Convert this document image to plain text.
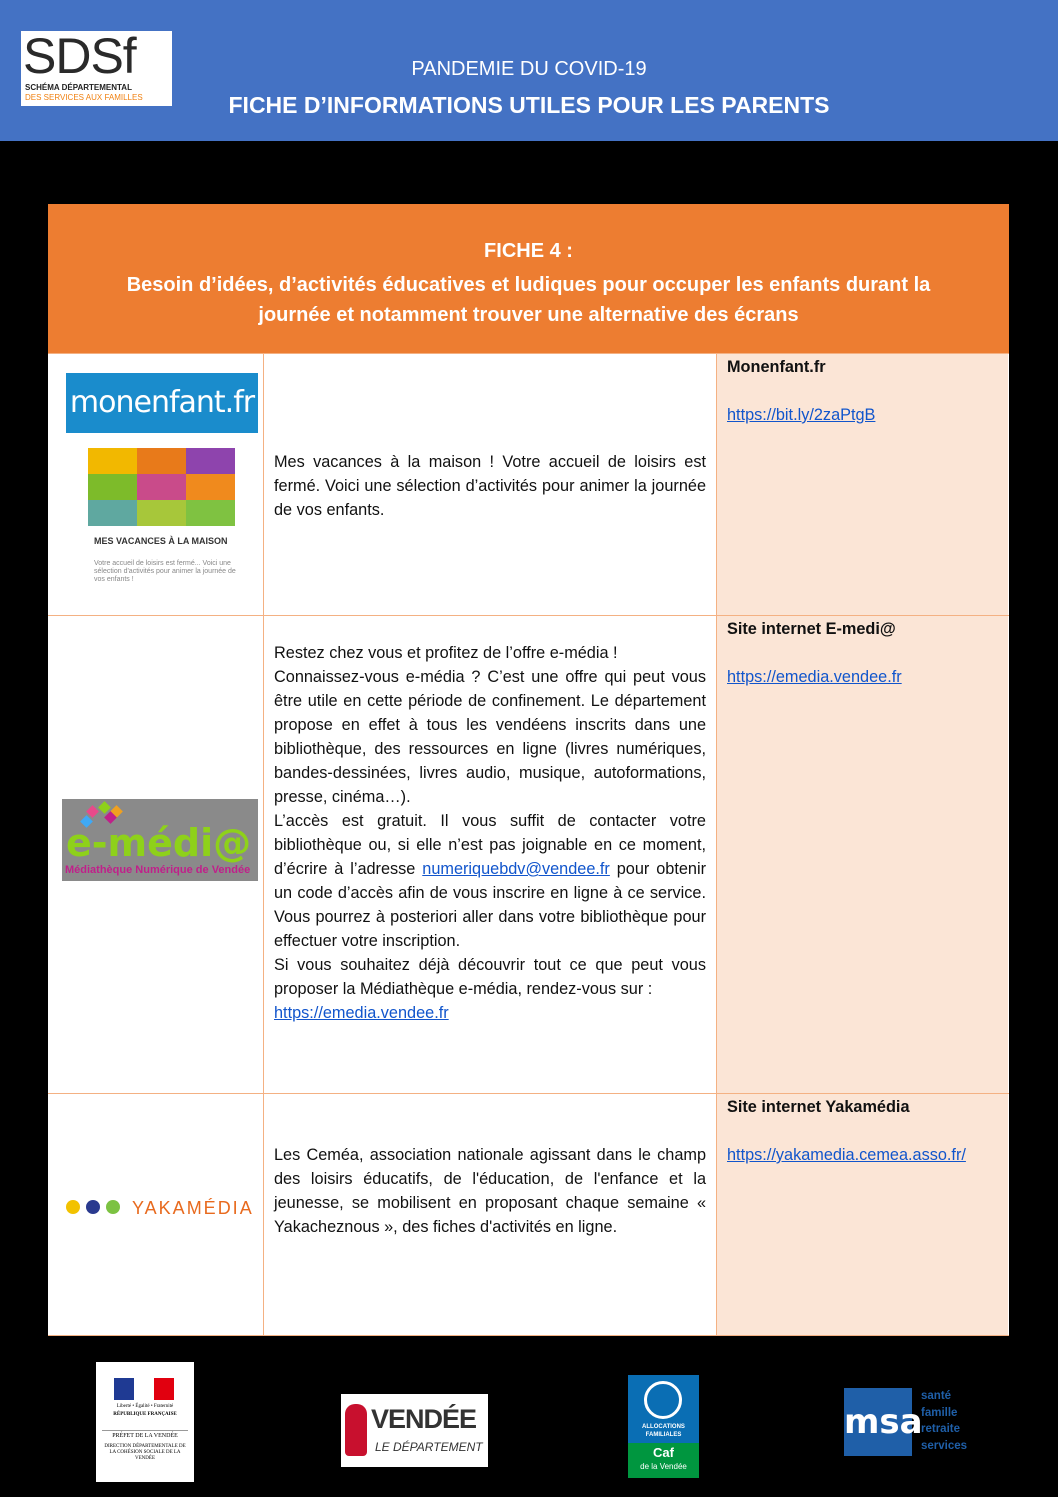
SDSf
SCHÉMA DÉPARTEMENTAL
DES SERVICES AUX FAMILLES
PANDEMIE DU COVID-19
FICHE D’INFORMATIONS UTILES POUR LES PARENTS
FICHE 4 :
Besoin d’idées, d’activités éducatives et ludiques pour occuper les enfants durant la journée et notamment trouver une alternative des écrans
monenfant.fr
MES VACANCES À LA MAISON
Votre accueil de loisirs est fermé... Voici une sélection d'activités pour animer la journée de vos enfants !
Mes vacances à la maison ! Votre accueil de loisirs est fermé. Voici une sélection d’activités pour animer la journée de vos enfants.
Monenfant.fr
https://bit.ly/2zaPtgB
e-médi@
Médiathèque Numérique de Vendée

Restez chez vous et profitez de l’offre e-média !

Connaissez-vous e-média ? C’est une offre qui peut vous être utile en cette période de confinement. Le département propose en effet à tous les vendéens inscrits dans une bibliothèque, des ressources en ligne (livres numériques, bandes-dessinées, livres audio, musique, autoformations, presse, cinéma…).

L’accès est gratuit. Il vous suffit de contacter votre bibliothèque ou, si elle n’est pas joignable en ce moment, d’écrire à l’adresse numeriquebdv@vendee.fr pour obtenir un code d’accès afin de vous inscrire en ligne à ce service. Vous pourrez à posteriori aller dans votre bibliothèque pour effectuer votre inscription.

Si vous souhaitez déjà découvrir tout ce que peut vous proposer la Médiathèque e-média, rendez-vous sur :
https://emedia.vendee.fr

Site internet E-medi@
https://emedia.vendee.fr
YAKAMÉDIA
Les Ceméa, association nationale agissant dans le champ des loisirs éducatifs, de l'éducation, de l'enfance et la jeunesse, se mobilisent en proposant chaque semaine « Yakacheznous », des fiches d'activités en ligne.
Site internet Yakamédia
https://yakamedia.cemea.asso.fr/
Liberté • Égalité • Fraternité
RÉPUBLIQUE FRANÇAISE
PRÉFET DE LA VENDÉE
DIRECTION DÉPARTEMENTALE DE LA COHÉSION SOCIALE DE LA VENDÉE
VENDÉE
LE DÉPARTEMENT
ALLOCATIONS FAMILIALES
Caf
de la Vendée
msa
santé
famille
retraite
services
